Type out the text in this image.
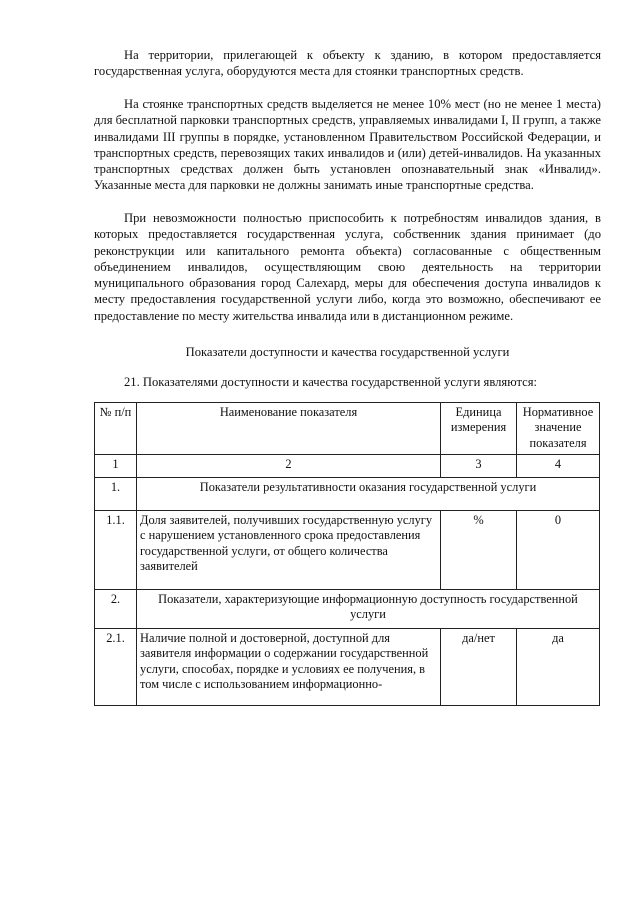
На территории, прилегающей к объекту к зданию, в котором предоставляется государственная услуга, оборудуются места для стоянки транспортных средств.

На стоянке транспортных средств выделяется не менее 10% мест (но не менее 1 места) для бесплатной парковки транспортных средств, управляемых инвалидами I, II групп, а также инвалидами III группы в порядке, установленном Правительством Российской Федерации, и транспортных средств, перевозящих таких инвалидов и (или) детей-инвалидов. На указанных транспортных средствах должен быть установлен опознавательный знак «Инвалид». Указанные места для парковки не должны занимать иные транспортные средства.

При невозможности полностью приспособить к потребностям инвалидов здания, в которых предоставляется государственная услуга, собственник здания принимает (до реконструкции или капитального ремонта объекта) согласованные с общественным объединением инвалидов, осуществляющим свою деятельность на территории муниципального образования город Салехард, меры для обеспечения доступа инвалидов к месту предоставления государственной услуги либо, когда это возможно, обеспечивают ее предоставление по месту жительства инвалида или в дистанционном режиме.

Показатели доступности и качества государственной услуги

21. Показателями доступности и качества государственной услуги являются:

№ п/п	Наименование показателя	Единица измерения	Нормативное значение показателя
1	2	3	4
1.	Показатели результативности оказания государственной услуги		
1.1.	Доля заявителей, получивших государственную услугу с нарушением установленного срока предоставления государственной услуги, от общего количества заявителей	%	0
2.	Показатели, характеризующие информационную доступность государственной услуги		
2.1.	Наличие полной и достоверной, доступной для заявителя информации о содержании государственной услуги, способах, порядке и условиях ее получения, в том числе с использованием информационно-	да/нет	да
